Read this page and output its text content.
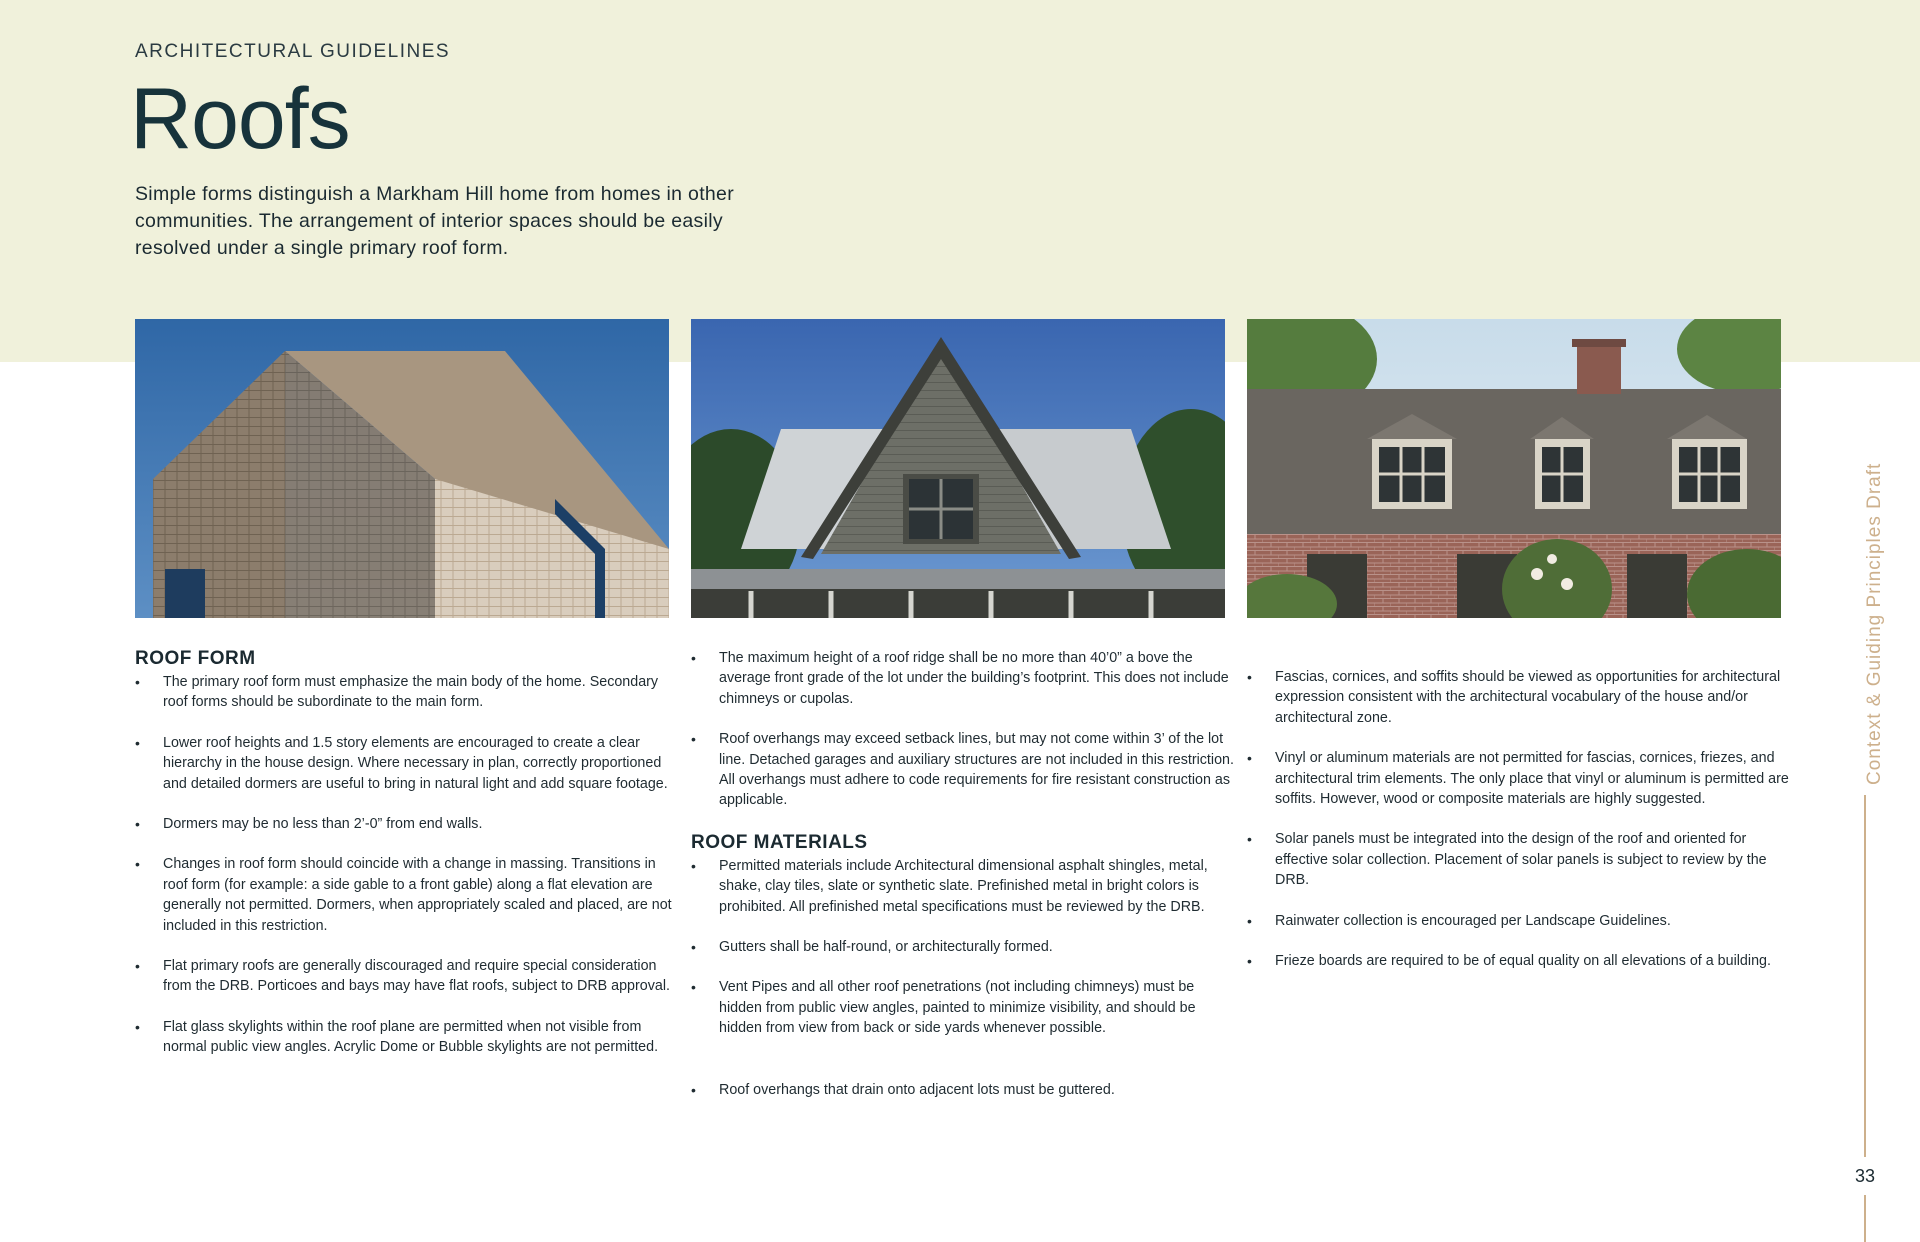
ARCHITECTURAL GUIDELINES
Roofs

Simple forms distinguish a Markham Hill home from homes in other communities. The arrangement of interior spaces should be easily resolved under a single primary roof form.

ROOF FORM
• The primary roof form must emphasize the main body of the home. Secondary roof forms should be subordinate to the main form.
• Lower roof heights and 1.5 story elements are encouraged to create a clear hierarchy in the house design. Where necessary in plan, correctly proportioned and detailed dormers are useful to bring in natural light and add square footage.
• Dormers may be no less than 2’-0” from end walls.
• Changes in roof form should coincide with a change in massing. Transitions in roof form (for example: a side gable to a front gable) along a flat elevation are generally not permitted. Dormers, when appropriately scaled and placed, are not included in this restriction.
• Flat primary roofs are generally discouraged and require special consideration from the DRB. Porticoes and bays may have flat roofs, subject to DRB approval.
• Flat glass skylights within the roof plane are permitted when not visible from normal public view angles. Acrylic Dome or Bubble skylights are not permitted.
• The maximum height of a roof ridge shall be no more than 40’0” a bove the average front grade of the lot under the building’s footprint. This does not include chimneys or cupolas.
• Roof overhangs may exceed setback lines, but may not come within 3’ of the lot line. Detached garages and auxiliary structures are not included in this restriction. All overhangs must adhere to code requirements for fire resistant construction as applicable.
ROOF MATERIALS
• Permitted materials include Architectural dimensional asphalt shingles, metal, shake, clay tiles, slate or synthetic slate. Prefinished metal in bright colors is prohibited. All prefinished metal specifications must be reviewed by the DRB.
• Gutters shall be half-round, or architecturally formed.
• Vent Pipes and all other roof penetrations (not including chimneys) must be hidden from public view angles, painted to minimize visibility, and should be hidden from view from back or side yards whenever possible.
• Roof overhangs that drain onto adjacent lots must be guttered.
• Fascias, cornices, and soffits should be viewed as opportunities for architectural expression consistent with the architectural vocabulary of the house and/or architectural zone.
• Vinyl or aluminum materials are not permitted for fascias, cornices, friezes, and architectural trim elements. The only place that vinyl or aluminum is permitted are soffits. However, wood or composite materials are highly suggested.
• Solar panels must be integrated into the design of the roof and oriented for effective solar collection. Placement of solar panels is subject to review by the DRB.
• Rainwater collection is encouraged per Landscape Guidelines.
• Frieze boards are required to be of equal quality on all elevations of a building.
Context & Guiding Principles Draft
33
